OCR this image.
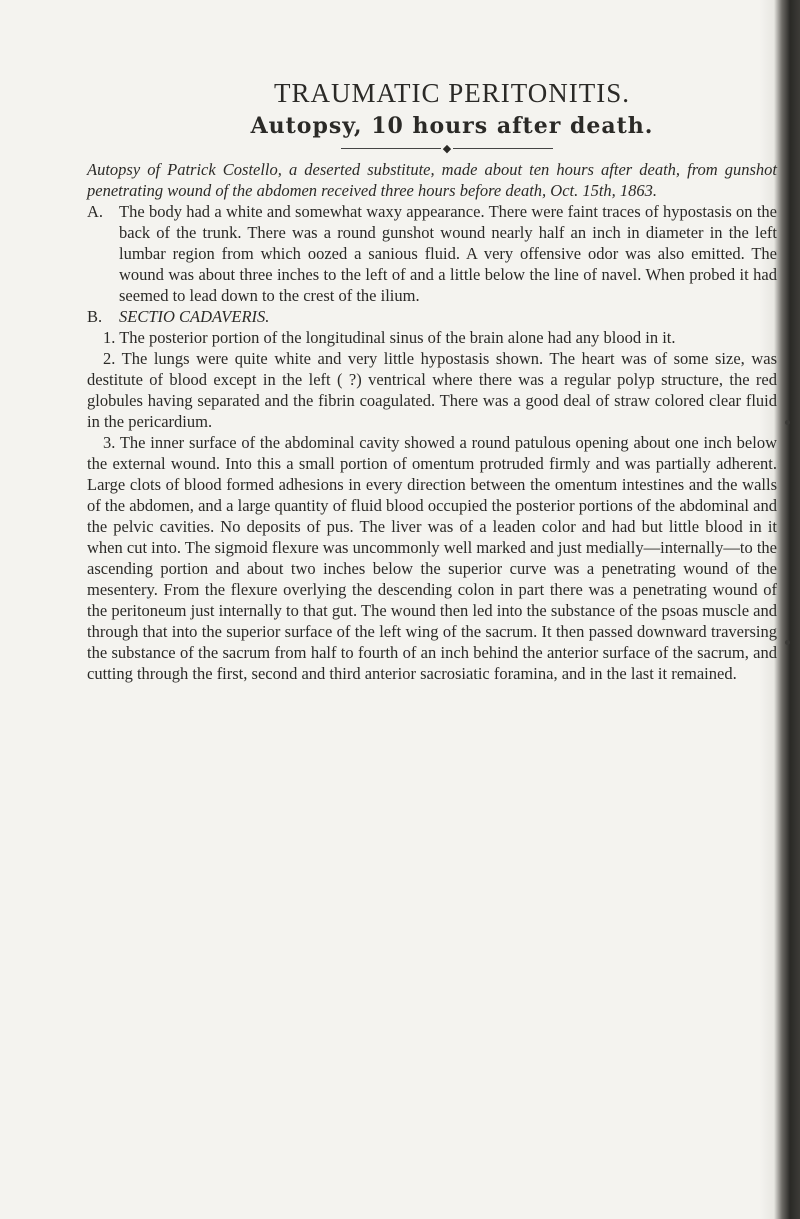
TRAUMATIC PERITONITIS.
Autopsy, 10 hours after death.
◆

Autopsy of Patrick Costello, a deserted substitute, made about ten hours after death, from gunshot penetrating wound of the abdomen received three hours before death, Oct. 15th, 1863.

A. The body had a white and somewhat waxy appearance. There were faint traces of hypostasis on the back of the trunk. There was a round gunshot wound nearly half an inch in diameter in the left lumbar region from which oozed a sanious fluid. A very offensive odor was also emitted. The wound was about three inches to the left of and a little below the line of navel. When probed it had seemed to lead down to the crest of the ilium.

B. SECTIO CADAVERIS.

1. The posterior portion of the longitudinal sinus of the brain alone had any blood in it.

2. The lungs were quite white and very little hypostasis shown. The heart was of some size, was destitute of blood except in the left ( ?) ventrical where there was a regular polyp structure, the red globules having separated and the fibrin coagulated. There was a good deal of straw colored clear fluid in the pericardium.

3. The inner surface of the abdominal cavity showed a round patulous opening about one inch below the external wound. Into this a small portion of omentum protruded firmly and was partially adherent. Large clots of blood formed adhesions in every direction between the omentum intestines and the walls of the abdomen, and a large quantity of fluid blood occupied the posterior portions of the abdominal and the pelvic cavities. No deposits of pus. The liver was of a leaden color and had but little blood in it when cut into. The sigmoid flexure was uncommonly well marked and just medially—internally—to the ascending portion and about two inches below the superior curve was a penetrating wound of the mesentery. From the flexure overlying the descending colon in part there was a penetrating wound of the peritoneum just internally to that gut. The wound then led into the substance of the psoas muscle and through that into the superior surface of the left wing of the sacrum. It then passed downward traversing the substance of the sacrum from half to fourth of an inch behind the anterior surface of the sacrum, and cutting through the first, second and third anterior sacrosiatic foramina, and in the last it remained.
